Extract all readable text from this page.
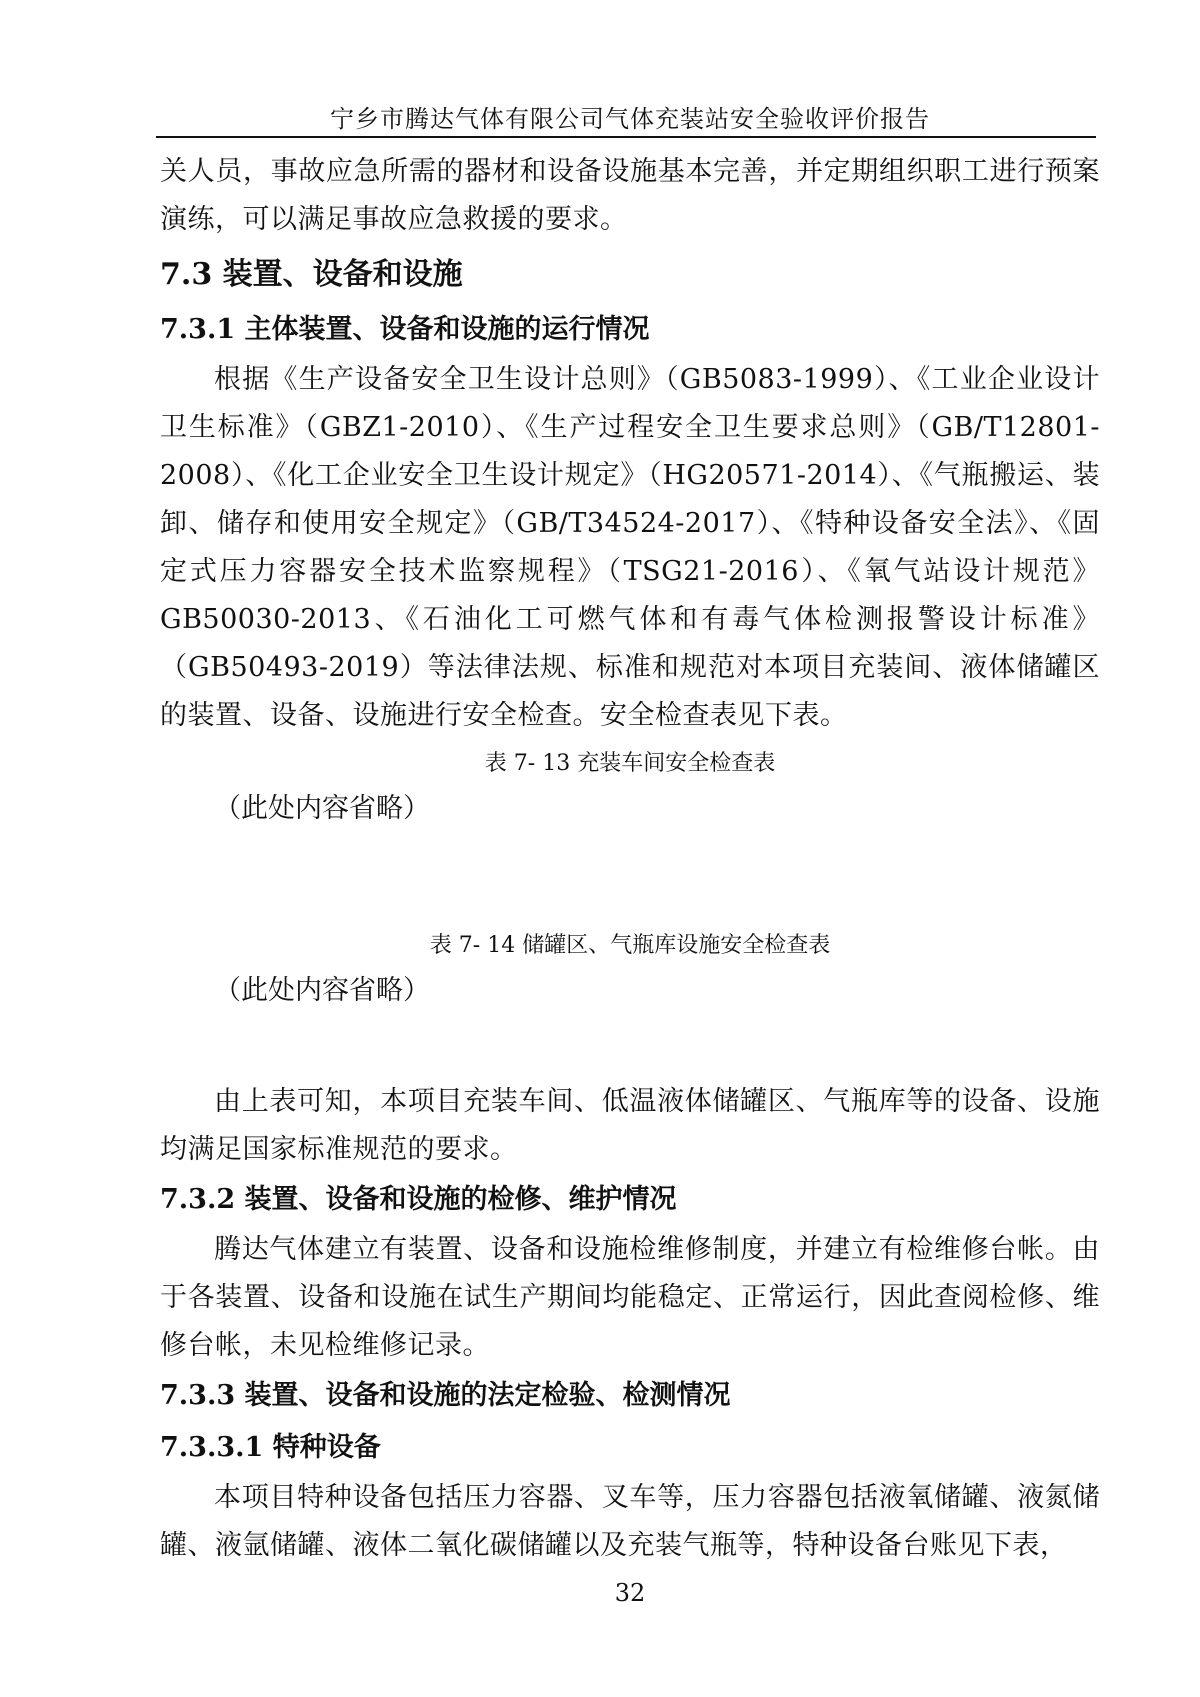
宁乡市腾达气体有限公司气体充装站安全验收评价报告

关人员，事故应急所需的器材和设备设施基本完善，并定期组织职工进行预案演练，可以满足事故应急救援的要求。

7.3 装置、设备和设施
7.3.1 主体装置、设备和设施的运行情况

根据《生产设备安全卫生设计总则》（GB5083-1999）、《工业企业设计卫生标准》（GBZ1-2010）、《生产过程安全卫生要求总则》（GB/T12801-2008）、《化工企业安全卫生设计规定》（HG20571-2014）、《气瓶搬运、装卸、储存和使用安全规定》（GB/T34524-2017）、《特种设备安全法》、《固定式压力容器安全技术监察规程》（TSG21-2016）、《氧气站设计规范》GB50030-2013、《石油化工可燃气体和有毒气体检测报警设计标准》（GB50493-2019）等法律法规、标准和规范对本项目充装间、液体储罐区的装置、设备、设施进行安全检查。安全检查表见下表。

表 7- 13 充装车间安全检查表
（此处内容省略）
表 7- 14 储罐区、气瓶库设施安全检查表
（此处内容省略）

由上表可知，本项目充装车间、低温液体储罐区、气瓶库等的设备、设施均满足国家标准规范的要求。

7.3.2 装置、设备和设施的检修、维护情况

腾达气体建立有装置、设备和设施检维修制度，并建立有检维修台帐。由于各装置、设备和设施在试生产期间均能稳定、正常运行，因此查阅检修、维修台帐，未见检维修记录。

7.3.3 装置、设备和设施的法定检验、检测情况
7.3.3.1 特种设备

本项目特种设备包括压力容器、叉车等，压力容器包括液氧储罐、液氮储罐、液氩储罐、液体二氧化碳储罐以及充装气瓶等，特种设备台账见下表，

32
